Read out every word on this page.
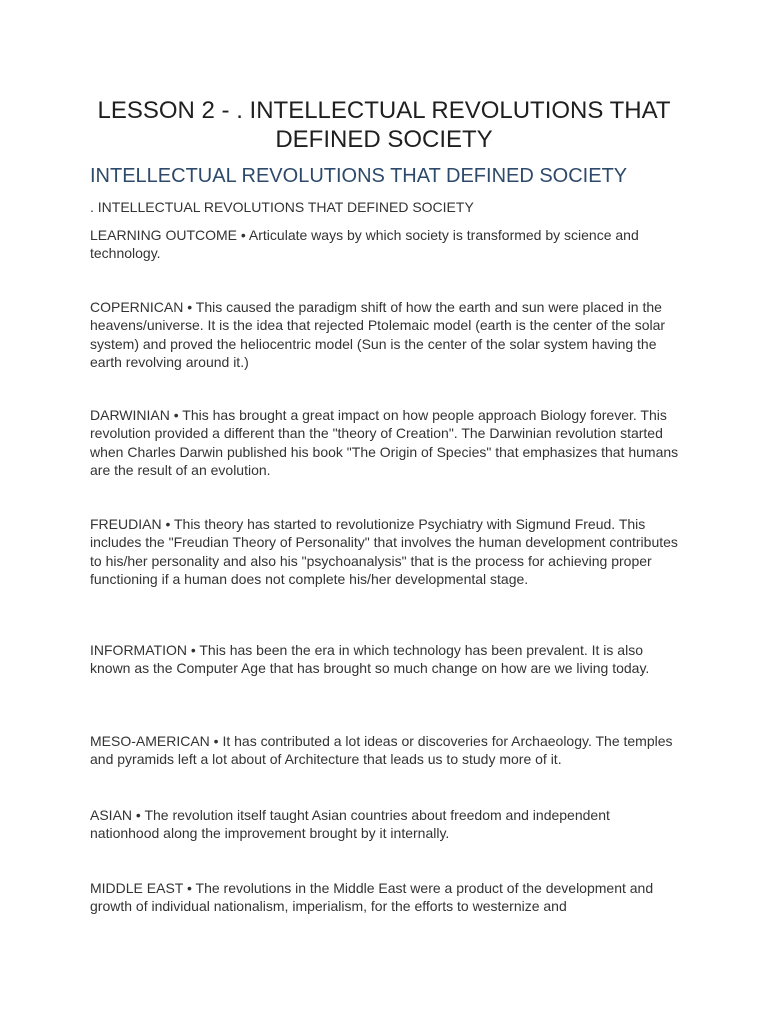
LESSON 2 - . INTELLECTUAL REVOLUTIONS THAT DEFINED SOCIETY
INTELLECTUAL REVOLUTIONS THAT DEFINED SOCIETY

. INTELLECTUAL REVOLUTIONS THAT DEFINED SOCIETY

LEARNING OUTCOME • Articulate ways by which society is transformed by science and technology.

COPERNICAN • This caused the paradigm shift of how the earth and sun were placed in the heavens/universe. It is the idea that rejected Ptolemaic model (earth is the center of the solar system) and proved the heliocentric model (Sun is the center of the solar system having the earth revolving around it.)

DARWINIAN • This has brought a great impact on how people approach Biology forever. This revolution provided a different than the "theory of Creation". The Darwinian revolution started when Charles Darwin published his book "The Origin of Species" that emphasizes that humans are the result of an evolution.

FREUDIAN • This theory has started to revolutionize Psychiatry with Sigmund Freud. This includes the "Freudian Theory of Personality" that involves the human development contributes to his/her personality and also his "psychoanalysis" that is the process for achieving proper functioning if a human does not complete his/her developmental stage.

INFORMATION • This has been the era in which technology has been prevalent. It is also known as the Computer Age that has brought so much change on how are we living today.

MESO-AMERICAN • It has contributed a lot ideas or discoveries for Archaeology. The temples and pyramids left a lot about of Architecture that leads us to study more of it.

ASIAN • The revolution itself taught Asian countries about freedom and independent nationhood along the improvement brought by it internally.

MIDDLE EAST • The revolutions in the Middle East were a product of the development and growth of individual nationalism, imperialism, for the efforts to westernize and
